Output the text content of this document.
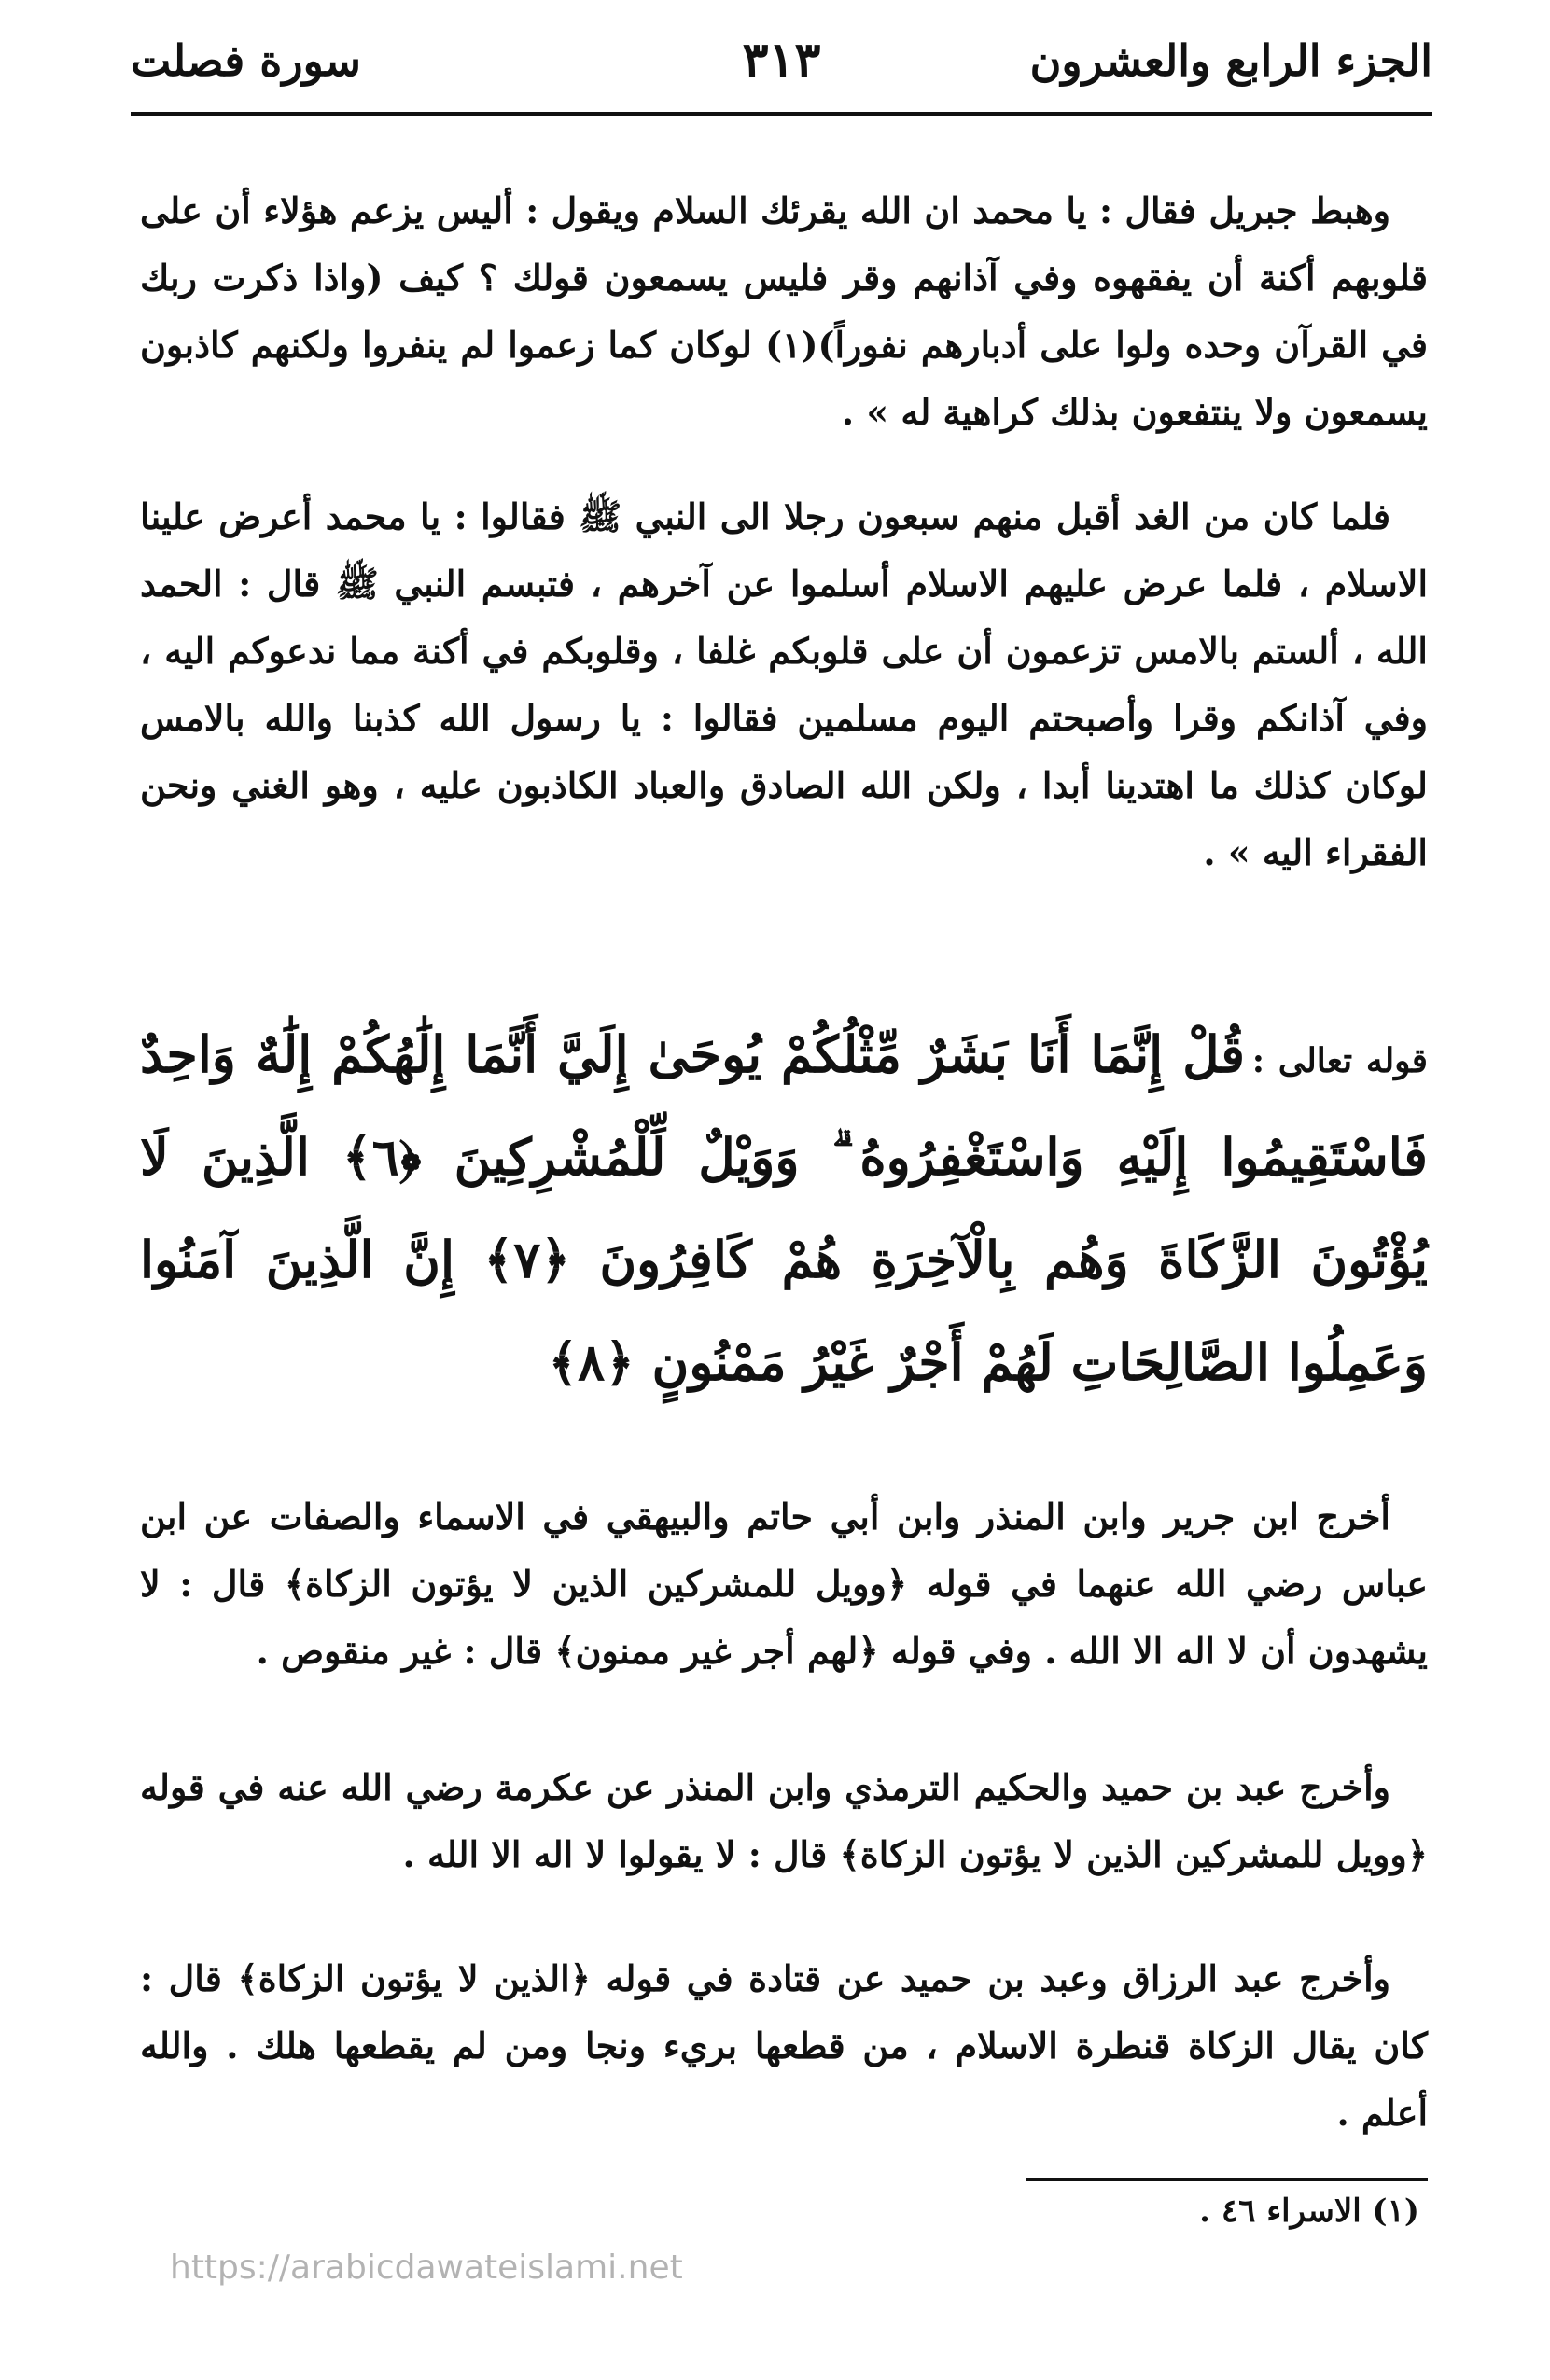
الجزء الرابع والعشرون
٣١٣
سورة فصلت

وهبط جبريل فقال : يا محمد ان الله يقرئك السلام ويقول : أليس يزعم هؤلاء أن على قلوبهم أكنة أن يفقهوه وفي آذانهم وقر فليس يسمعون قولك ؟ كيف (واذا ذكرت ربك في القرآن وحده ولوا على أدبارهم نفوراً)(١) لوكان كما زعموا لم ينفروا ولكنهم كاذبون يسمعون ولا ينتفعون بذلك كراهية له » .

فلما كان من الغد أقبل منهم سبعون رجلا الى النبي ﷺ فقالوا : يا محمد أعرض علينا الاسلام ، فلما عرض عليهم الاسلام أسلموا عن آخرهم ، فتبسم النبي ﷺ قال : الحمد الله ، ألستم بالامس تزعمون أن على قلوبكم غلفا ، وقلوبكم في أكنة مما ندعوكم اليه ، وفي آذانكم وقرا وأصبحتم اليوم مسلمين فقالوا : يا رسول الله كذبنا والله بالامس لوكان كذلك ما اهتدينا أبدا ، ولكن الله الصادق والعباد الكاذبون عليه ، وهو الغني ونحن الفقراء اليه » .

قوله تعالى : قُلْ إِنَّمَا أَنَا بَشَرٌ مِّثْلُكُمْ يُوحَىٰ إِلَيَّ أَنَّمَا إِلَٰهُكُمْ إِلَٰهٌ وَاحِدٌ فَاسْتَقِيمُوا إِلَيْهِ وَاسْتَغْفِرُوهُ ۗ وَوَيْلٌ لِّلْمُشْرِكِينَ ﴿٦﴾ الَّذِينَ لَا يُؤْتُونَ الزَّكَاةَ وَهُم بِالْآخِرَةِ هُمْ كَافِرُونَ ﴿٧﴾ إِنَّ الَّذِينَ آمَنُوا وَعَمِلُوا الصَّالِحَاتِ لَهُمْ أَجْرٌ غَيْرُ مَمْنُونٍ ﴿٨﴾

أخرج ابن جرير وابن المنذر وابن أبي حاتم والبيهقي في الاسماء والصفات عن ابن عباس رضي الله عنهما في قوله ﴿وويل للمشركين الذين لا يؤتون الزكاة﴾ قال : لا يشهدون أن لا اله الا الله . وفي قوله ﴿لهم أجر غير ممنون﴾ قال : غير منقوص .

وأخرج عبد بن حميد والحكيم الترمذي وابن المنذر عن عكرمة رضي الله عنه في قوله ﴿وويل للمشركين الذين لا يؤتون الزكاة﴾ قال : لا يقولوا لا اله الا الله .

وأخرج عبد الرزاق وعبد بن حميد عن قتادة في قوله ﴿الذين لا يؤتون الزكاة﴾ قال : كان يقال الزكاة قنطرة الاسلام ، من قطعها بريء ونجا ومن لم يقطعها هلك . والله أعلم .

(١) الاسراء ٤٦ .
https://arabicdawateislami.net
